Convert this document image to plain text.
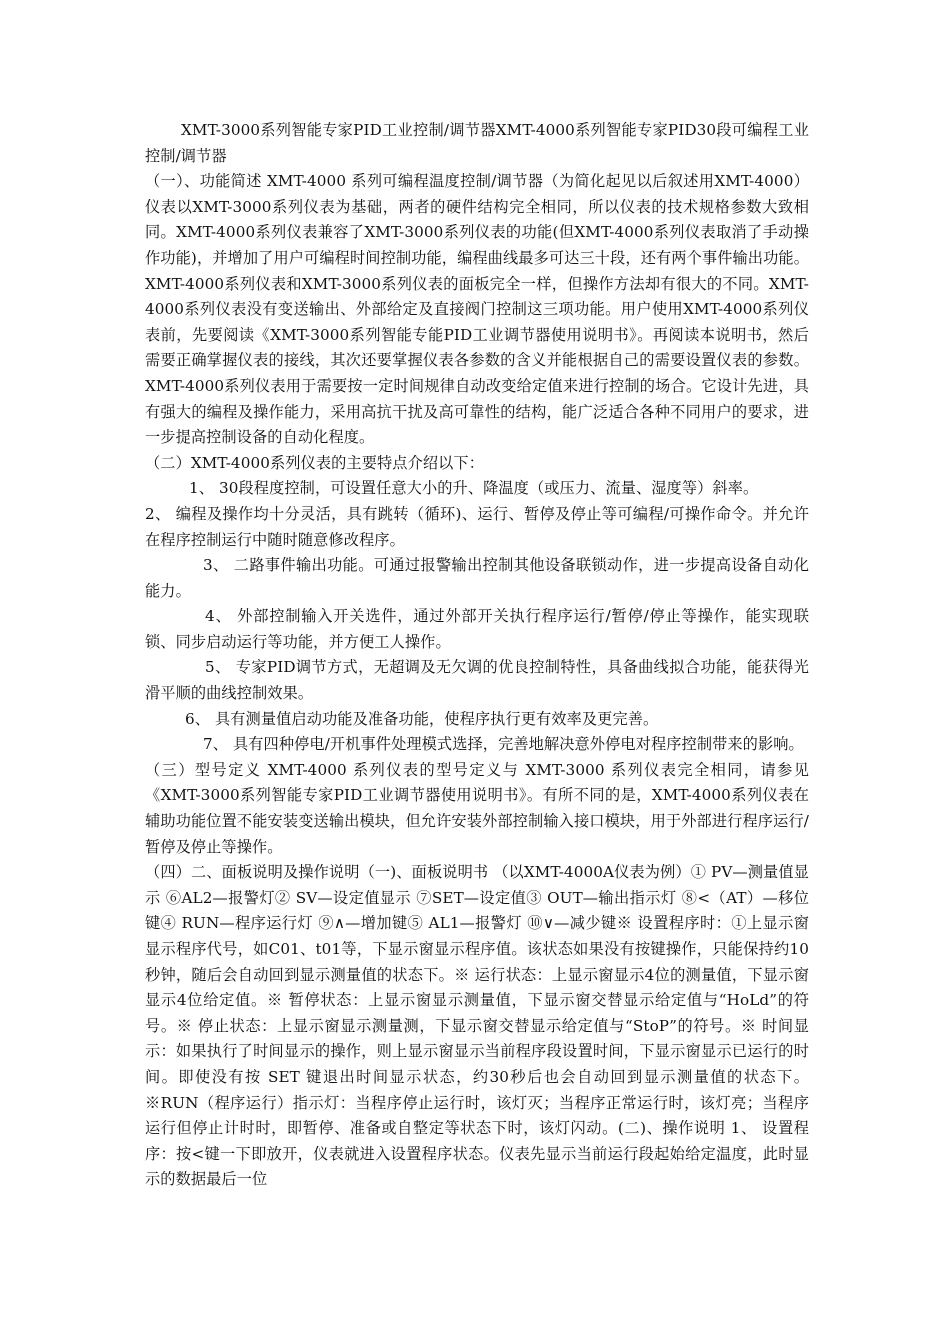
XMT-3000系列智能专家PID工业控制/调节器XMT-4000系列智能专家PID30段可编程工业控制/调节器

（一）、功能简述 XMT-4000 系列可编程温度控制/调节器（为简化起见以后叙述用XMT-4000）仪表以XMT-3000系列仪表为基础，两者的硬件结构完全相同，所以仪表的技术规格参数大致相同。XMT-4000系列仪表兼容了XMT-3000系列仪表的功能(但XMT-4000系列仪表取消了手动操作功能)，并增加了用户可编程时间控制功能，编程曲线最多可达三十段，还有两个事件输出功能。XMT-4000系列仪表和XMT-3000系列仪表的面板完全一样，但操作方法却有很大的不同。XMT-4000系列仪表没有变送输出、外部给定及直接阀门控制这三项功能。用户使用XMT-4000系列仪表前，先要阅读《XMT-3000系列智能专能PID工业调节器使用说明书》。再阅读本说明书，然后需要正确掌握仪表的接线，其次还要掌握仪表各参数的含义并能根据自己的需要设置仪表的参数。XMT-4000系列仪表用于需要按一定时间规律自动改变给定值来进行控制的场合。它设计先进，具有强大的编程及操作能力，采用高抗干扰及高可靠性的结构，能广泛适合各种不同用户的要求，进一步提高控制设备的自动化程度。

（二）XMT-4000系列仪表的主要特点介绍以下：

1、 30段程度控制，可设置任意大小的升、降温度（或压力、流量、湿度等）斜率。

2、 编程及操作均十分灵活，具有跳转（循环)、运行、暂停及停止等可编程/可操作命令。并允许在程序控制运行中随时随意修改程序。

3、 二路事件输出功能。可通过报警输出控制其他设备联锁动作，进一步提高设备自动化能力。

4、 外部控制输入开关选件，通过外部开关执行程序运行/暂停/停止等操作，能实现联锁、同步启动运行等功能，并方便工人操作。

5、 专家PID调节方式，无超调及无欠调的优良控制特性，具备曲线拟合功能，能获得光滑平顺的曲线控制效果。

6、 具有测量值启动功能及准备功能，使程序执行更有效率及更完善。

7、 具有四种停电/开机事件处理模式选择，完善地解决意外停电对程序控制带来的影响。

（三）型号定义 XMT-4000 系列仪表的型号定义与 XMT-3000 系列仪表完全相同，请参见《XMT-3000系列智能专家PID工业调节器使用说明书》。有所不同的是，XMT-4000系列仪表在辅助功能位置不能安装变送输出模块，但允许安装外部控制输入接口模块，用于外部进行程序运行/暂停及停止等操作。

（四）二、面板说明及操作说明（一)、面板说明书 （以XMT-4000A仪表为例）① PV—测量值显示 ⑥AL2—报警灯② SV—设定值显示 ⑦SET—设定值③ OUT—输出指示灯 ⑧<（AT）—移位键④ RUN—程序运行灯 ⑨∧—增加键⑤ AL1—报警灯 ⑩∨—减少键※ 设置程序时：①上显示窗显示程序代号，如C01、t01等，下显示窗显示程序值。该状态如果没有按键操作，只能保持约10秒钟，随后会自动回到显示测量值的状态下。※ 运行状态：上显示窗显示4位的测量值，下显示窗显示4位给定值。※ 暂停状态：上显示窗显示测量值，下显示窗交替显示给定值与“HoLd”的符号。※ 停止状态：上显示窗显示测量测，下显示窗交替显示给定值与“StoP”的符号。※ 时间显示：如果执行了时间显示的操作，则上显示窗显示当前程序段设置时间，下显示窗显示已运行的时间。即使没有按 SET 键退出时间显示状态，约30秒后也会自动回到显示测量值的状态下。※RUN（程序运行）指示灯：当程序停止运行时，该灯灭；当程序正常运行时，该灯亮；当程序运行但停止计时时，即暂停、准备或自整定等状态下时，该灯闪动。(二)、操作说明 1、 设置程序：按<键一下即放开，仪表就进入设置程序状态。仪表先显示当前运行段起始给定温度，此时显示的数据最后一位
